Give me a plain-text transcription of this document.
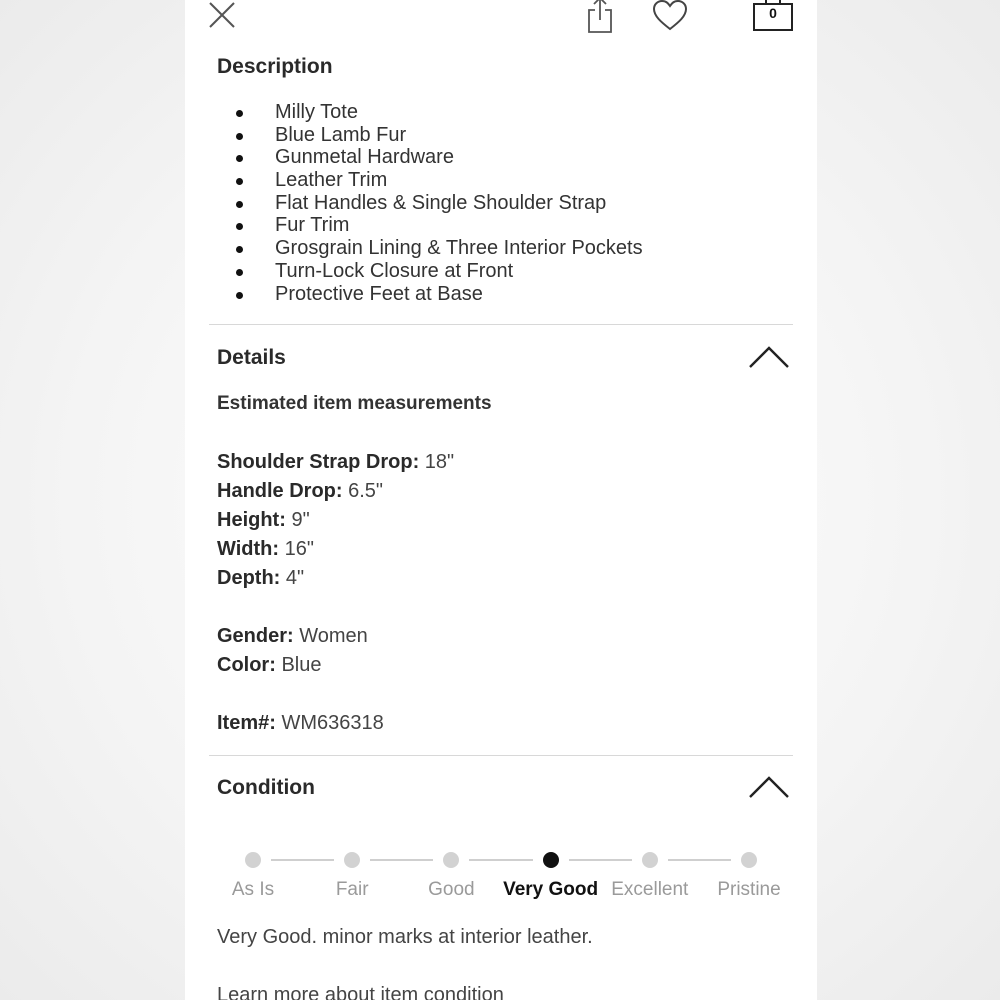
0
Description
Milly Tote
Blue Lamb Fur
Gunmetal Hardware
Leather Trim
Flat Handles & Single Shoulder Strap
Fur Trim
Grosgrain Lining & Three Interior Pockets
Turn-Lock Closure at Front
Protective Feet at Base
Details
Estimated item measurements
Shoulder Strap Drop: 18"
Handle Drop: 6.5"
Height: 9"
Width: 16"
Depth: 4"
Gender: Women
Color: Blue
Item#: WM636318
Condition
As Is	Fair	Good Very Good Excellent Pristine
Very Good. minor marks at interior leather.
Learn more about item condition
